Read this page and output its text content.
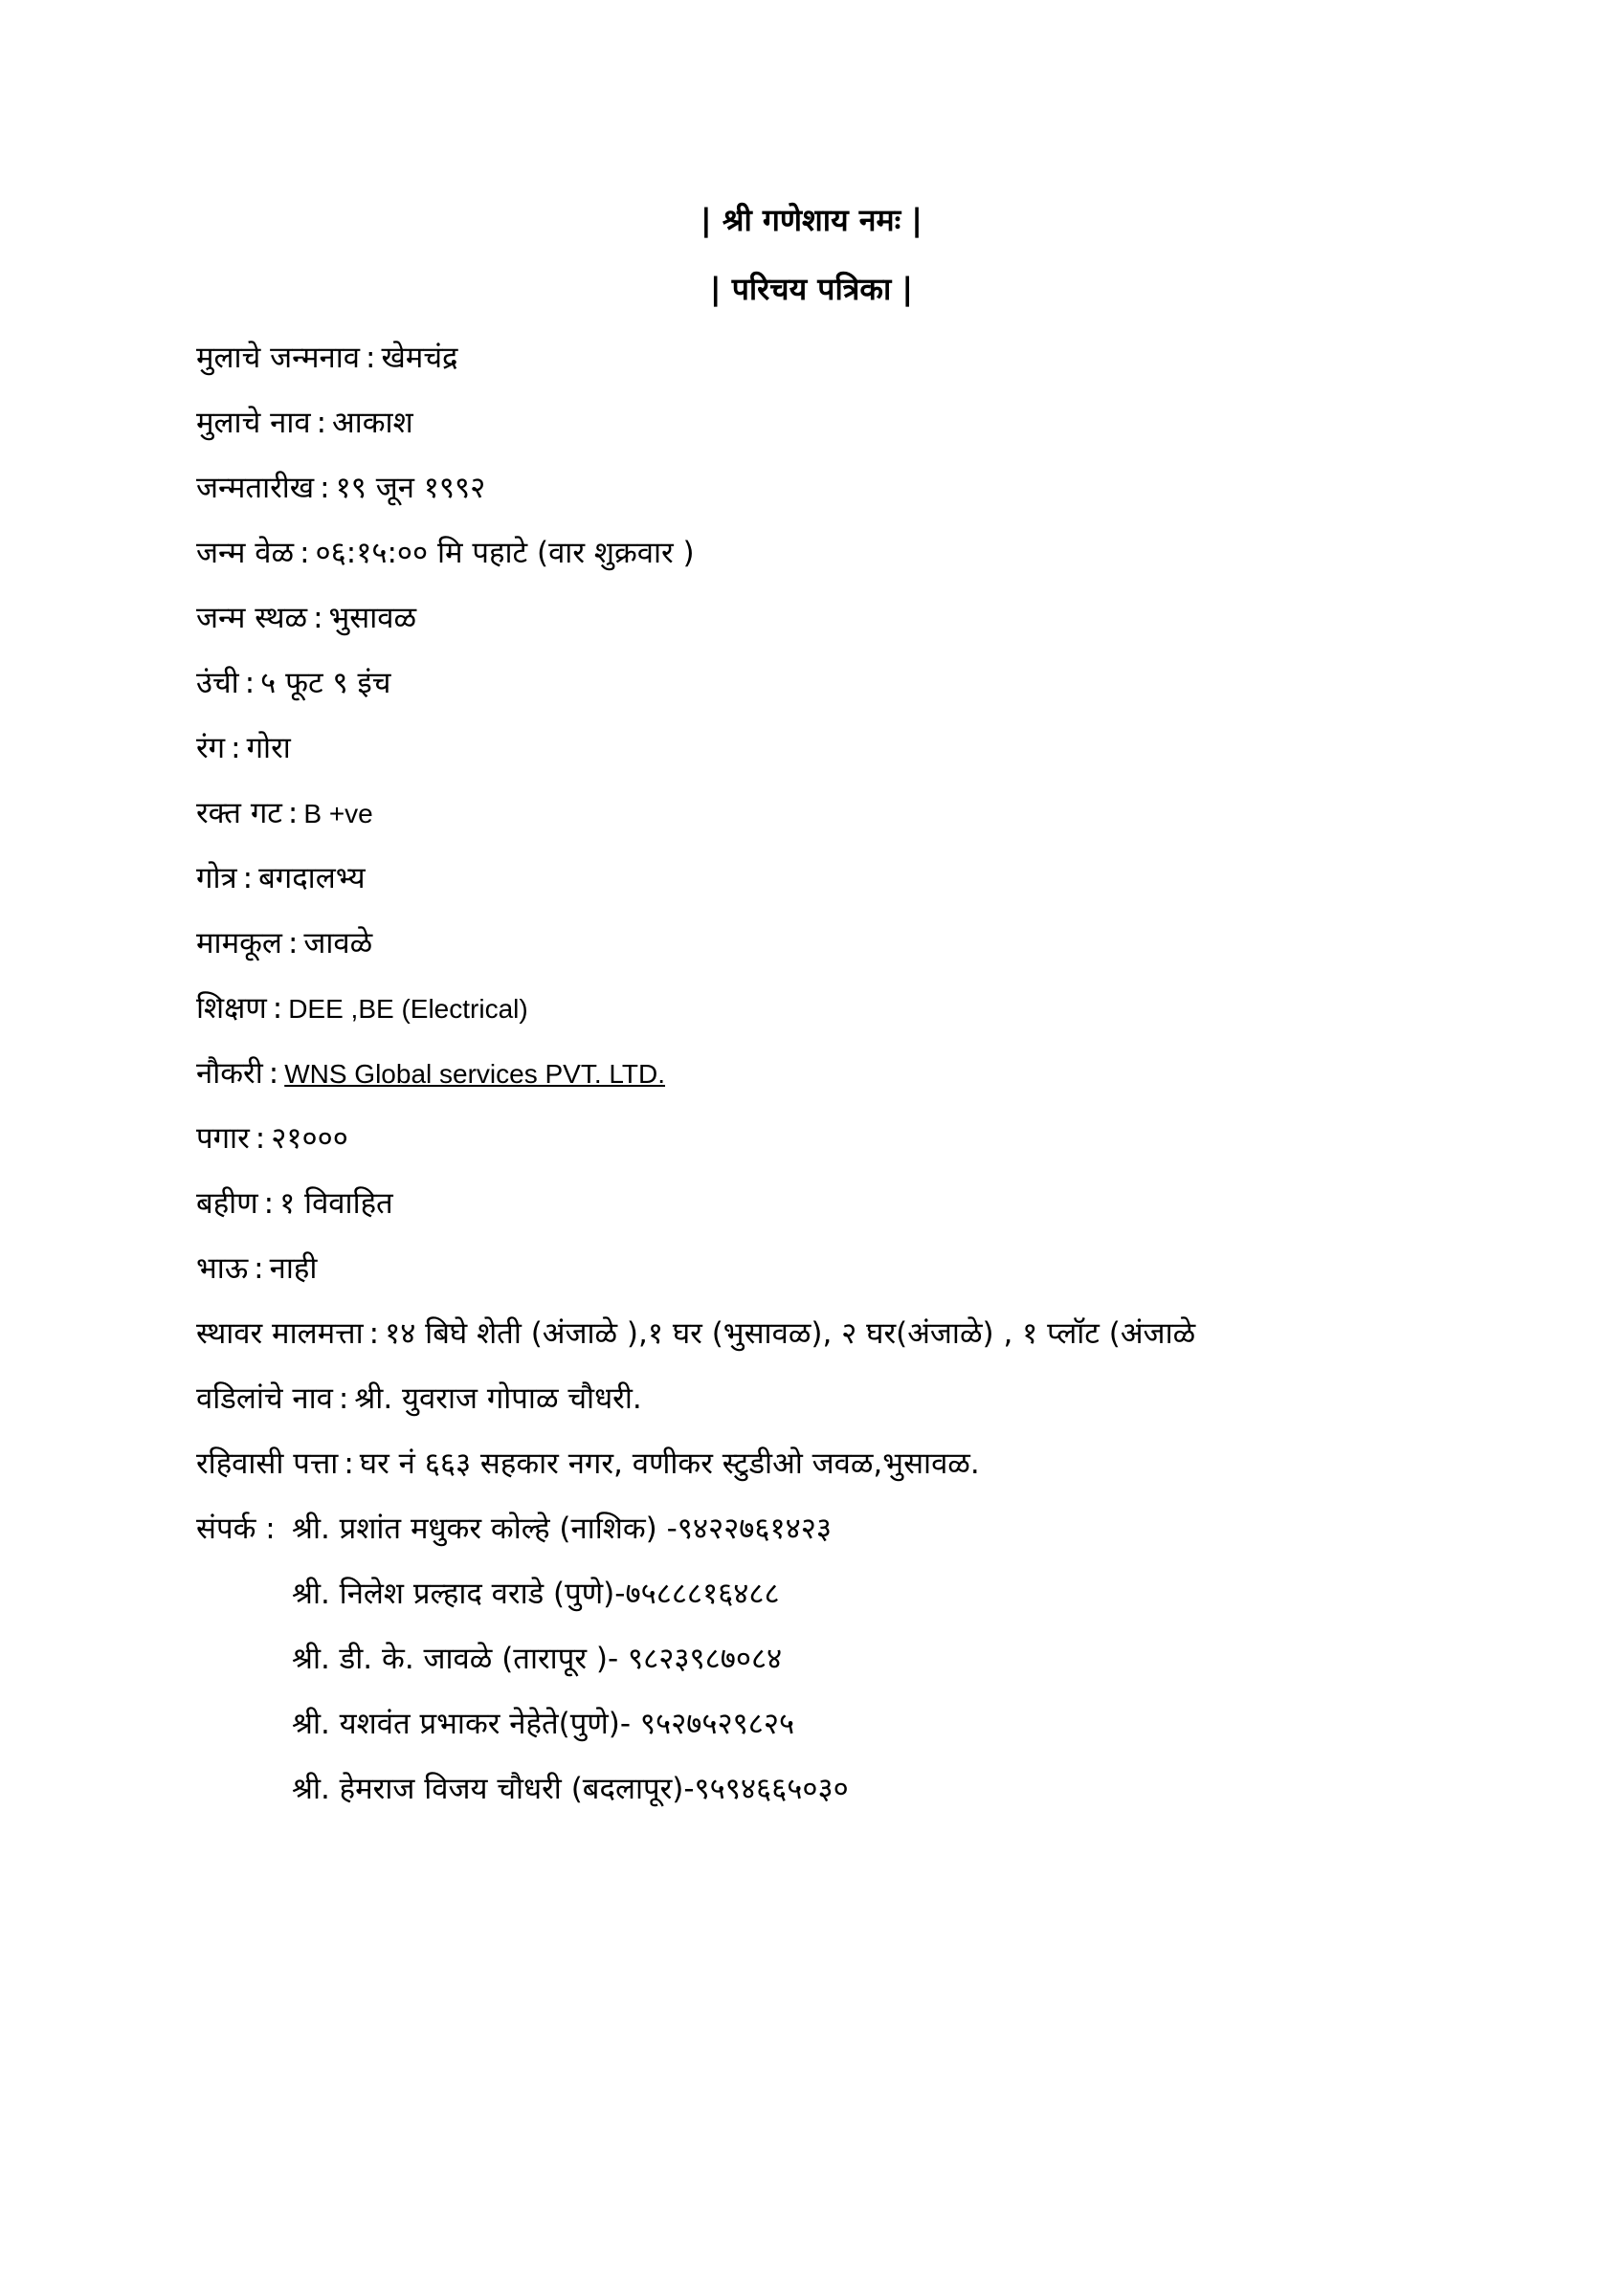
| श्री गणेशाय नमः |
| परिचय पत्रिका |
मुलाचे जन्मनाव : खेमचंद्र
मुलाचे नाव : आकाश
जन्मतारीख : १९ जून १९९२
जन्म वेळ : ०६:१५:०० मि पहाटे (वार शुक्रवार )
जन्म स्थळ : भुसावळ
उंची : ५ फूट ९ इंच
रंग : गोरा
रक्त गट : B +ve
गोत्र : बगदालभ्य
मामकूल : जावळे
शिक्षण : DEE ,BE (Electrical)
नौकरी : WNS Global services PVT. LTD.
पगार : २१०००
बहीण : १ विवाहित
भाऊ : नाही
स्थावर मालमत्ता : १४ बिघे शेती (अंजाळे ),१ घर (भुसावळ), २ घर(अंजाळे) , १ प्लॉट (अंजाळे
वडिलांचे नाव : श्री. युवराज गोपाळ चौधरी.
रहिवासी पत्ता : घर नं ६६३ सहकार नगर, वणीकर स्टुडीओ जवळ,भुसावळ.
संपर्क : श्री. प्रशांत मधुकर कोल्हे (नाशिक) -९४२२७६१४२३
श्री. निलेश प्रल्हाद वराडे (पुणे)-७५८८८१६४८८
श्री. डी. के. जावळे (तारापूर )- ९८२३९८७०८४
श्री. यशवंत प्रभाकर नेहेते(पुणे)- ९५२७५२९८२५
श्री. हेमराज विजय चौधरी (बदलापूर)-९५९४६६५०३०
